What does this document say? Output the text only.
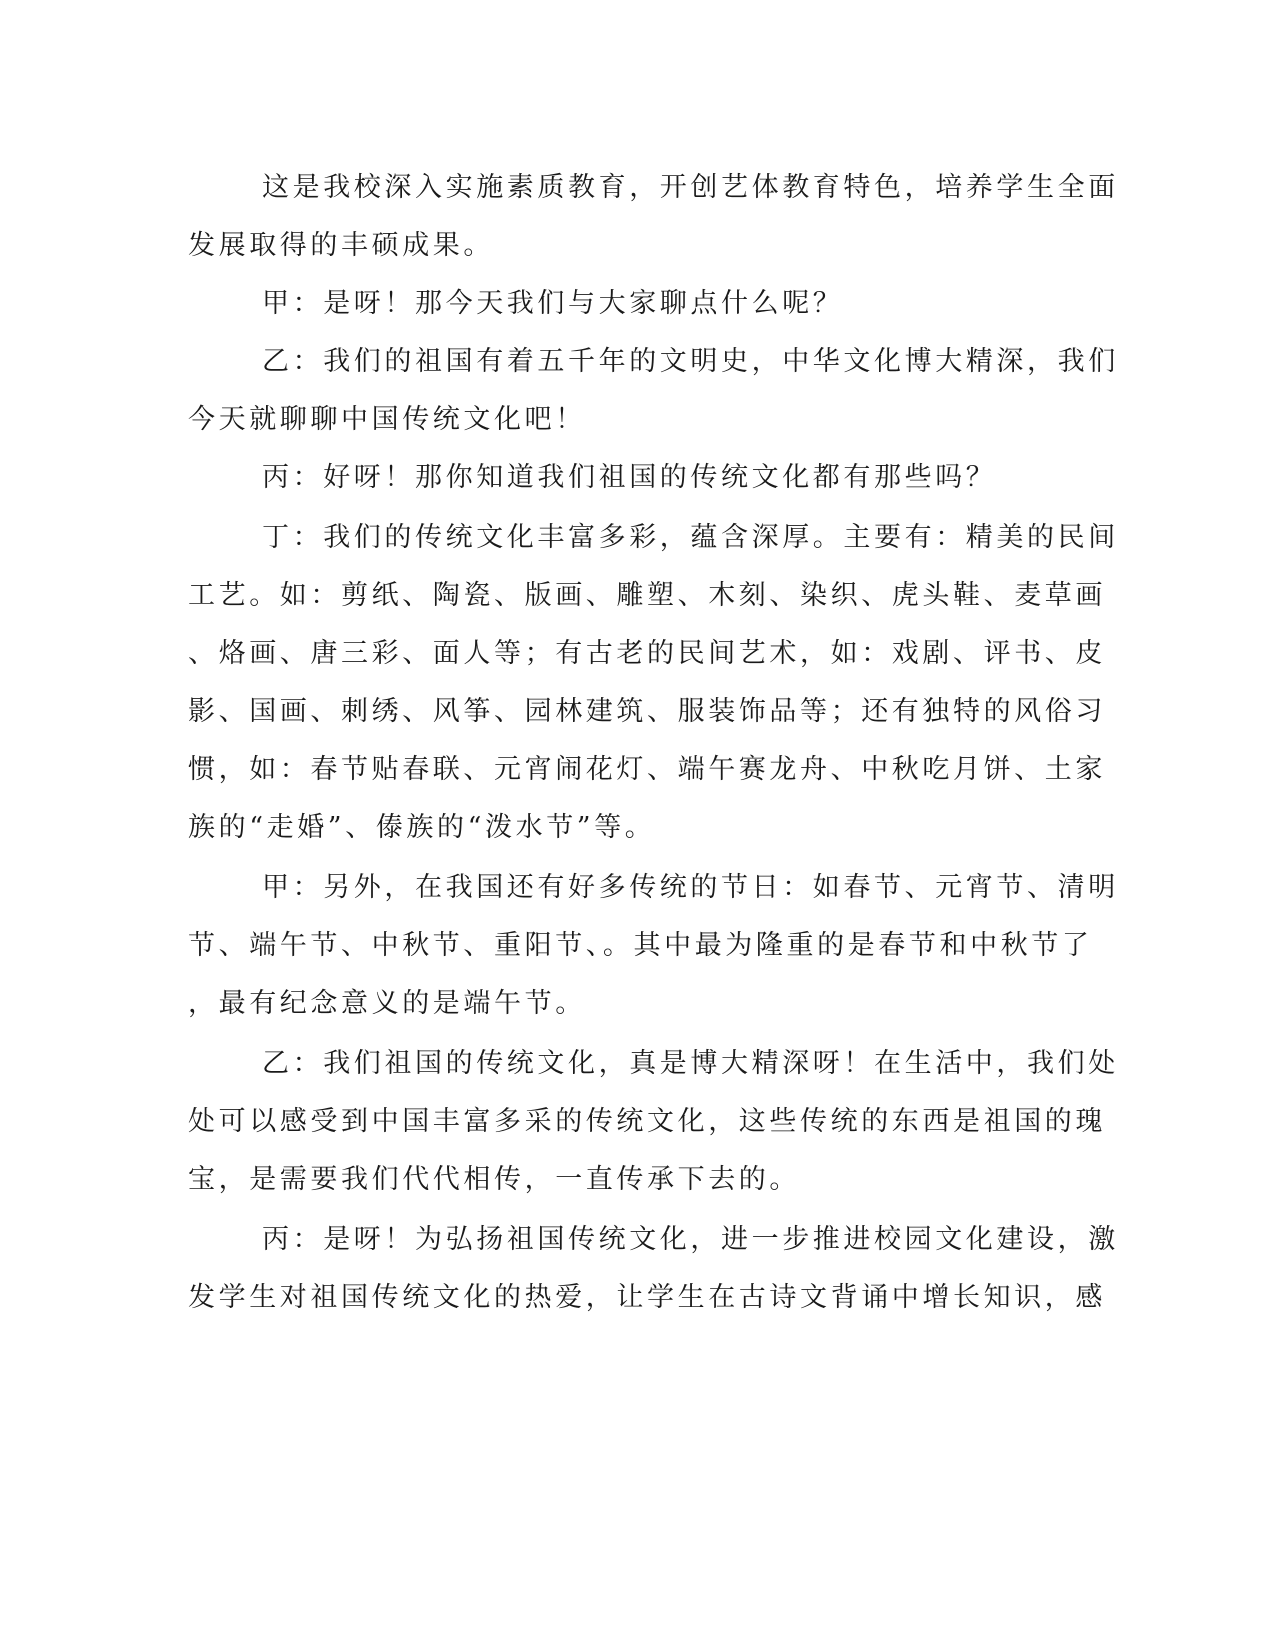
这是我校深入实施素质教育，开创艺体教育特色，培养学生全面
发展取得的丰硕成果。
甲：是呀！那今天我们与大家聊点什么呢？
乙：我们的祖国有着五千年的文明史，中华文化博大精深，我们
今天就聊聊中国传统文化吧！
丙：好呀！那你知道我们祖国的传统文化都有那些吗？
丁：我们的传统文化丰富多彩，蕴含深厚。主要有：精美的民间
工艺。如：剪纸、陶瓷、版画、雕塑、木刻、染织、虎头鞋、麦草画
、烙画、唐三彩、面人等；有古老的民间艺术，如：戏剧、评书、皮
影、国画、刺绣、风筝、园林建筑、服装饰品等；还有独特的风俗习
惯，如：春节贴春联、元宵闹花灯、端午赛龙舟、中秋吃月饼、土家
族的“走婚”、傣族的“泼水节”等。
甲：另外，在我国还有好多传统的节日：如春节、元宵节、清明
节、端午节、中秋节、重阳节、。其中最为隆重的是春节和中秋节了
，最有纪念意义的是端午节。
乙：我们祖国的传统文化，真是博大精深呀！在生活中，我们处
处可以感受到中国丰富多采的传统文化，这些传统的东西是祖国的瑰
宝，是需要我们代代相传，一直传承下去的。
丙：是呀！为弘扬祖国传统文化，进一步推进校园文化建设，激
发学生对祖国传统文化的热爱，让学生在古诗文背诵中增长知识，感
